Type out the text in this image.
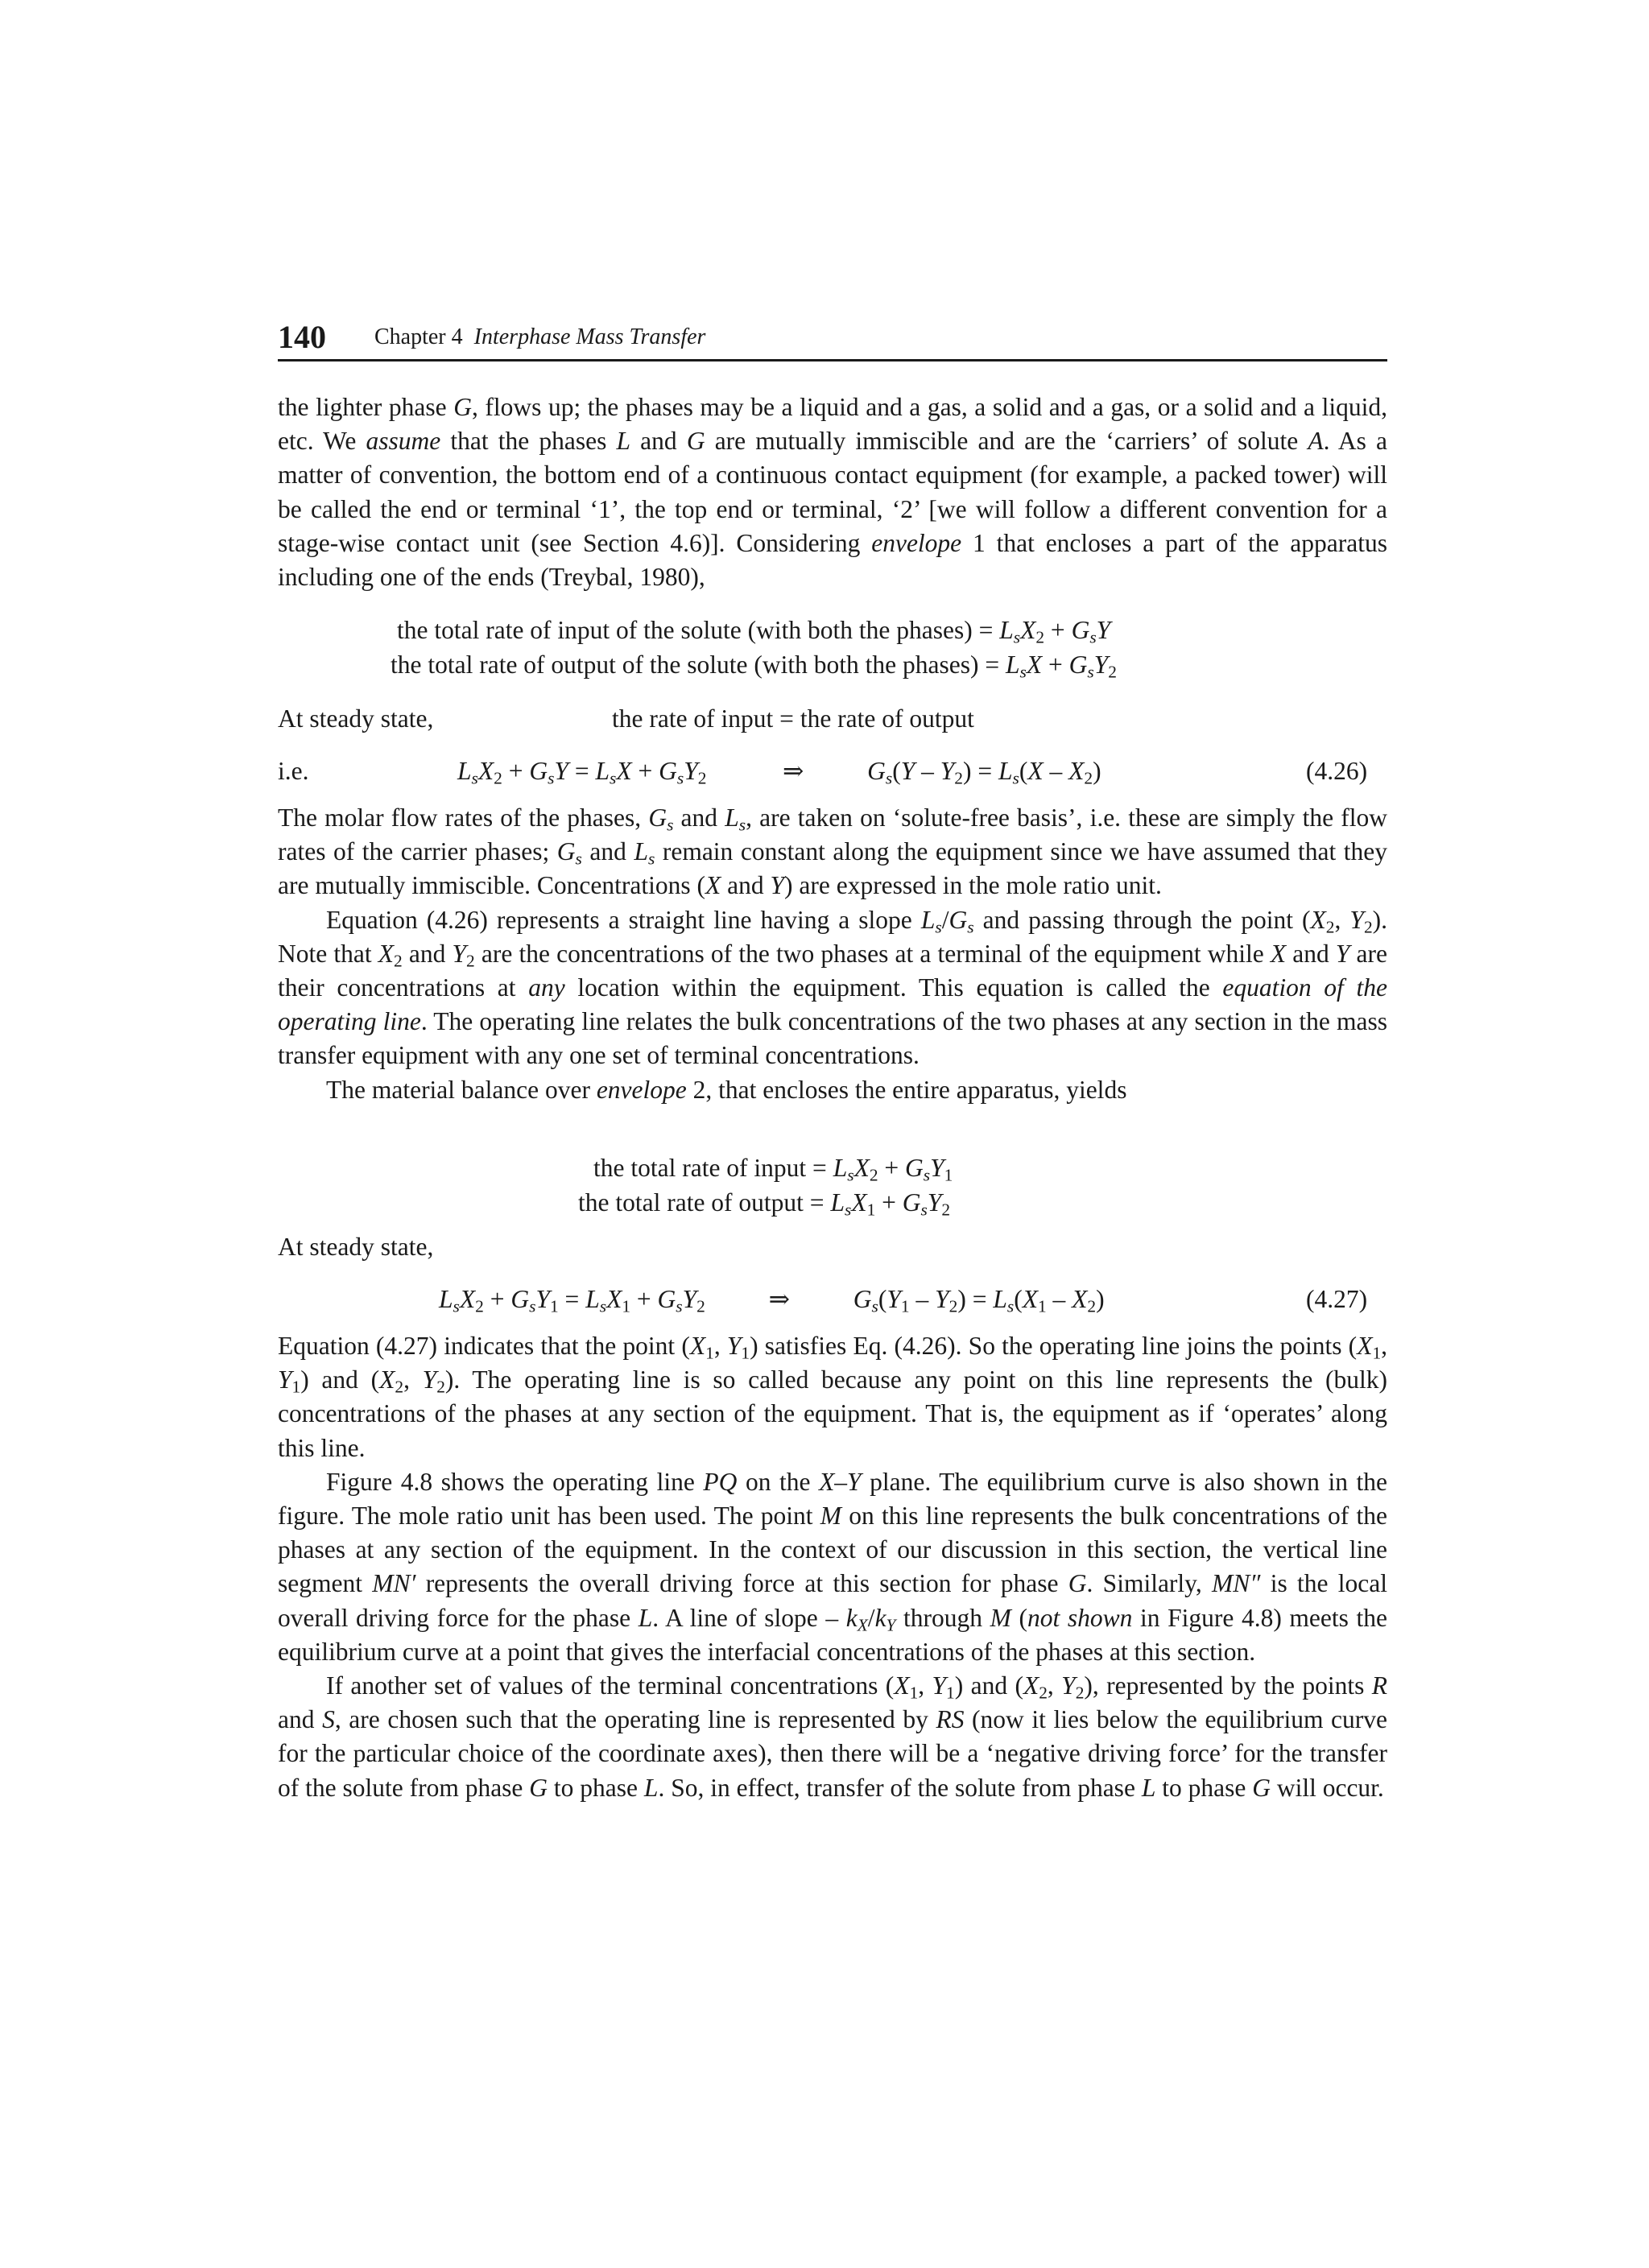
140 Chapter 4 Interphase Mass Transfer

the lighter phase G, flows up; the phases may be a liquid and a gas, a solid and a gas, or a solid and a liquid, etc. We assume that the phases L and G are mutually immiscible and are the ‘carriers’ of solute A. As a matter of convention, the bottom end of a continuous contact equipment (for example, a packed tower) will be called the end or terminal ‘1’, the top end or terminal, ‘2’ [we will follow a different convention for a stage-wise contact unit (see Section 4.6)]. Considering envelope 1 that encloses a part of the apparatus including one of the ends (Treybal, 1980),

the total rate of input of the solute (with both the phases) = $L_sX_2 + G_sY$
the total rate of output of the solute (with both the phases) = $L_sX + G_sY_2$
At steady state,	the rate of input = the rate of output
i.e.	$L_sX_2 + G_sY = L_sX + G_sY_2$            ⇒          $G_s(Y - Y_2) = L_s(X - X_2)$	(4.26)

The molar flow rates of the phases, $G_s$ and $L_s$, are taken on ‘solute-free basis’, i.e. these are simply the flow rates of the carrier phases; $G_s$ and $L_s$ remain constant along the equipment since we have assumed that they are mutually immiscible. Concentrations (X and Y) are expressed in the mole ratio unit.

Equation (4.26) represents a straight line having a slope $L_s/G_s$ and passing through the point ($X_2$, $Y_2$). Note that $X_2$ and $Y_2$ are the concentrations of the two phases at a terminal of the equipment while X and Y are their concentrations at any location within the equipment. This equation is called the equation of the operating line. The operating line relates the bulk concentrations of the two phases at any section in the mass transfer equipment with any one set of terminal concentrations.

The material balance over envelope 2, that encloses the entire apparatus, yields

the total rate of input = $L_sX_2 + G_sY_1$
the total rate of output = $L_sX_1 + G_sY_2$
At steady state,
$L_sX_2 + G_sY_1 = L_sX_1 + G_sY_2$          ⇒          $G_s(Y_1 - Y_2) = L_s(X_1 - X_2)$	(4.27)

Equation (4.27) indicates that the point ($X_1$, $Y_1$) satisfies Eq. (4.26). So the operating line joins the points ($X_1$, $Y_1$) and ($X_2$, $Y_2$). The operating line is so called because any point on this line represents the (bulk) concentrations of the phases at any section of the equipment. That is, the equipment as if ‘operates’ along this line.

Figure 4.8 shows the operating line PQ on the X–Y plane. The equilibrium curve is also shown in the figure. The mole ratio unit has been used. The point M on this line represents the bulk concentrations of the phases at any section of the equipment. In the context of our discussion in this section, the vertical line segment MN′ represents the overall driving force at this section for phase G. Similarly, MN″ is the local overall driving force for the phase L. A line of slope – $k_X/k_Y$ through M (not shown in Figure 4.8) meets the equilibrium curve at a point that gives the interfacial concentrations of the phases at this section.

If another set of values of the terminal concentrations ($X_1$, $Y_1$) and ($X_2$, $Y_2$), represented by the points R and S, are chosen such that the operating line is represented by RS (now it lies below the equilibrium curve for the particular choice of the coordinate axes), then there will be a ‘negative driving force’ for the transfer of the solute from phase G to phase L. So, in effect, transfer of the solute from phase L to phase G will occur.
